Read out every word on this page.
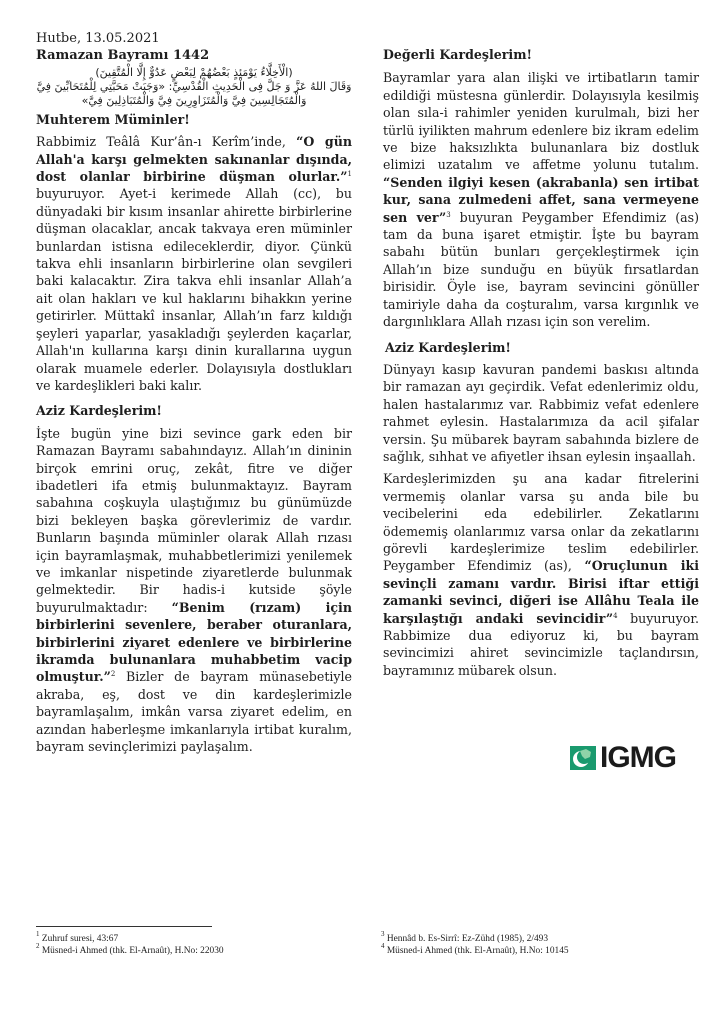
Hutbe, 13.05.2021

Ramazan Bayramı 1442

(الْأَخِلَّاءُ يَوْمَئِذٍ بَعْضُهُمْ لِبَعْضٍ عَدُوٌّ إِلَّا الْمُتَّقِينَ)

وَقَالَ اللهُ عَزَّ وَ جَلَّ فِى الْحَدِيثِ الْقُدْسِيِّ: «وَجَبَتْ مَحَبَّتِي لِلْمُتَحَابِّينَ فِيَّ

وَالْمُتَجَالِسِينَ فِيَّ وَالْمُتَزَاوِرِينَ فِيَّ وَالْمُتَبَاذِلِينَ فِيَّ»

Muhterem Müminler!

Rabbimiz Teâlâ Kur’ân-ı Kerîm’inde, “O gün Allah'a karşı gelmekten sakınanlar dışında, dost olanlar birbirine düşman olurlar.”$^1$ buyuruyor. Ayet-i kerimede Allah (cc), bu dünyadaki bir kısım insanlar ahirette birbirlerine düşman olacaklar, ancak takvaya eren müminler bunlardan istisna edileceklerdir, diyor. Çünkü takva ehli insanların birbirlerine olan sevgileri baki kalacaktır. Zira takva ehli insanlar Allah’a ait olan hakları ve kul haklarını bihakkın yerine getirirler. Müttakî insanlar, Allah’ın farz kıldığı şeyleri yaparlar, yasakladığı şeylerden kaçarlar, Allah'ın kullarına karşı dinin kurallarına uygun olarak muamele ederler. Dolayısıyla dostlukları ve kardeşlikleri baki kalır.

Aziz Kardeşlerim!

İşte bugün yine bizi sevince gark eden bir Ramazan Bayramı sabahındayız. Allah’ın dininin birçok emrini oruç, zekât, fitre ve diğer ibadetleri ifa etmiş bulunmaktayız. Bayram sabahına coşkuyla ulaştığımız bu günümüzde bizi bekleyen başka görevlerimiz de vardır. Bunların başında müminler olarak Allah rızası için bayramlaşmak, muhabbetlerimizi yenilemek ve imkanlar nispetinde ziyaretlerde bulunmak gelmektedir. Bir hadis-i kutside şöyle buyurulmaktadır: “Benim (rızam) için birbirlerini sevenlere, beraber oturanlara, birbirlerini ziyaret edenlere ve birbirlerine ikramda bulunanlara muhabbetim vacip olmuştur.”$^2$ Bizler de bayram münasebetiyle akraba, eş, dost ve din kardeşlerimizle bayramlaşalım, imkân varsa ziyaret edelim, en azından haberleşme imkanlarıyla irtibat kuralım, bayram sevinçlerimizi paylaşalım.

Değerli Kardeşlerim!

Bayramlar yara alan ilişki ve irtibatların tamir edildiği müstesna günlerdir. Dolayısıyla kesilmiş olan sıla-i rahimler yeniden kurulmalı, bizi her türlü iyilikten mahrum edenlere biz ikram edelim ve bize haksızlıkta bulunanlara biz dostluk elimizi uzatalım ve affetme yolunu tutalım. “Senden ilgiyi kesen (akrabanla) sen irtibat kur, sana zulmedeni affet, sana vermeyene sen ver”$^3$ buyuran Peygamber Efendimiz (as) tam da buna işaret etmiştir. İşte bu bayram sabahı bütün bunları gerçekleştirmek için Allah’ın bize sunduğu en büyük fırsatlardan birisidir. Öyle ise, bayram sevincini gönüller tamiriyle daha da coşturalım, varsa kırgınlık ve dargınlıklara Allah rızası için son verelim.

Aziz Kardeşlerim!

Dünyayı kasıp kavuran pandemi baskısı altında bir ramazan ayı geçirdik. Vefat edenlerimiz oldu, halen hastalarımız var. Rabbimiz vefat edenlere rahmet eylesin. Hastalarımıza da acil şifalar versin. Şu mübarek bayram sabahında bizlere de sağlık, sıhhat ve afiyetler ihsan eylesin inşaallah.

Kardeşlerimizden şu ana kadar fitrelerini vermemiş olanlar varsa şu anda bile bu vecibelerini eda edebilirler. Zekatlarını ödememiş olanlarımız varsa onlar da zekatlarını görevli kardeşlerimize teslim edebilirler. Peygamber Efendimiz (as), “Oruçlunun iki sevinçli zamanı vardır. Birisi iftar ettiği zamanki sevinci, diğeri ise Allâhu Teala ile karşılaştığı andaki sevincidir”$^4$ buyuruyor. Rabbimize dua ediyoruz ki, bu bayram sevincimizi ahiret sevincimizle taçlandırsın, bayramınız mübarek olsun.

IGMG
$^1$ Zuhruf suresi, 43:67
$^2$ Müsned-i Ahmed (thk. El-Arnaût), H.No: 22030
$^3$ Hennâd b. Es-Sirrî: Ez-Zühd (1985), 2/493
$^4$ Müsned-i Ahmed (thk. El-Arnaût), H.No: 10145
